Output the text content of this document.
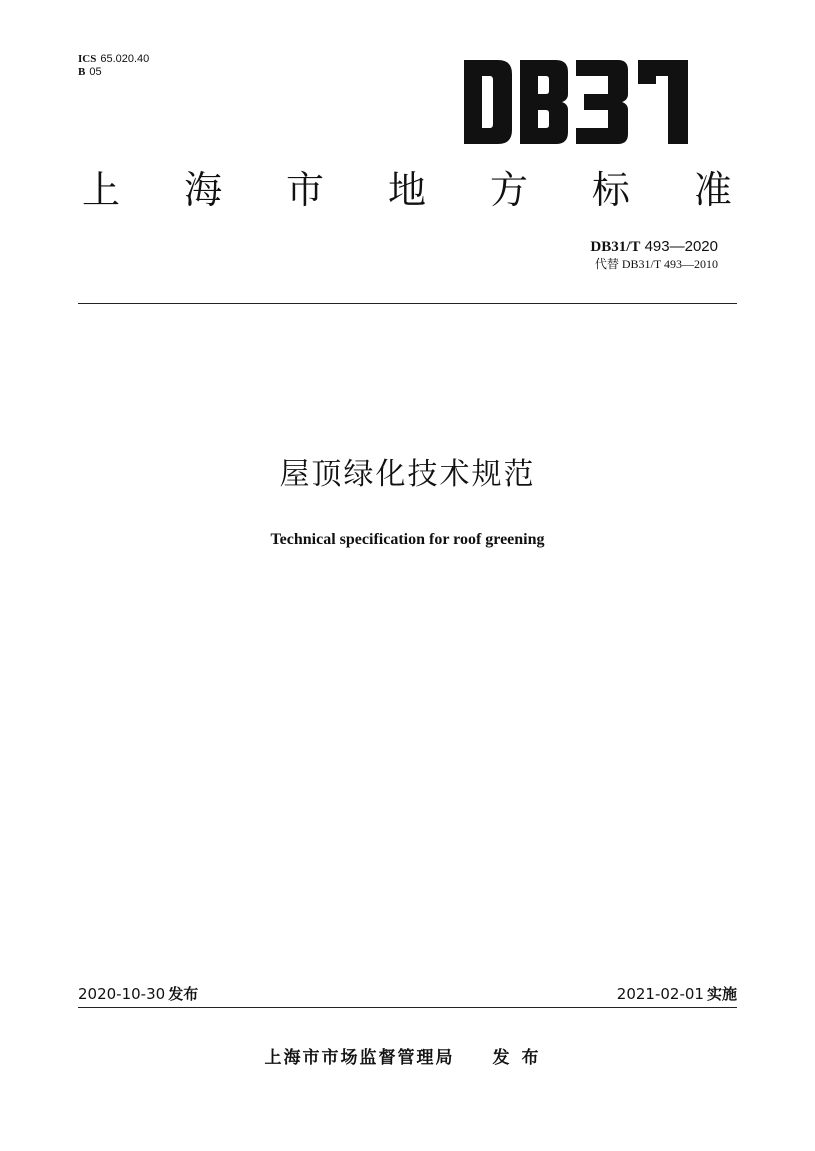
ICS 65.020.40
B 05
DB31
上 海 市 地 方 标 准
DB31/T 493—2020
代替 DB31/T 493—2010
屋顶绿化技术规范
Technical specification for roof greening
2020-10-30 发布	2021-02-01 实施
上海市市场监督管理局 发布
